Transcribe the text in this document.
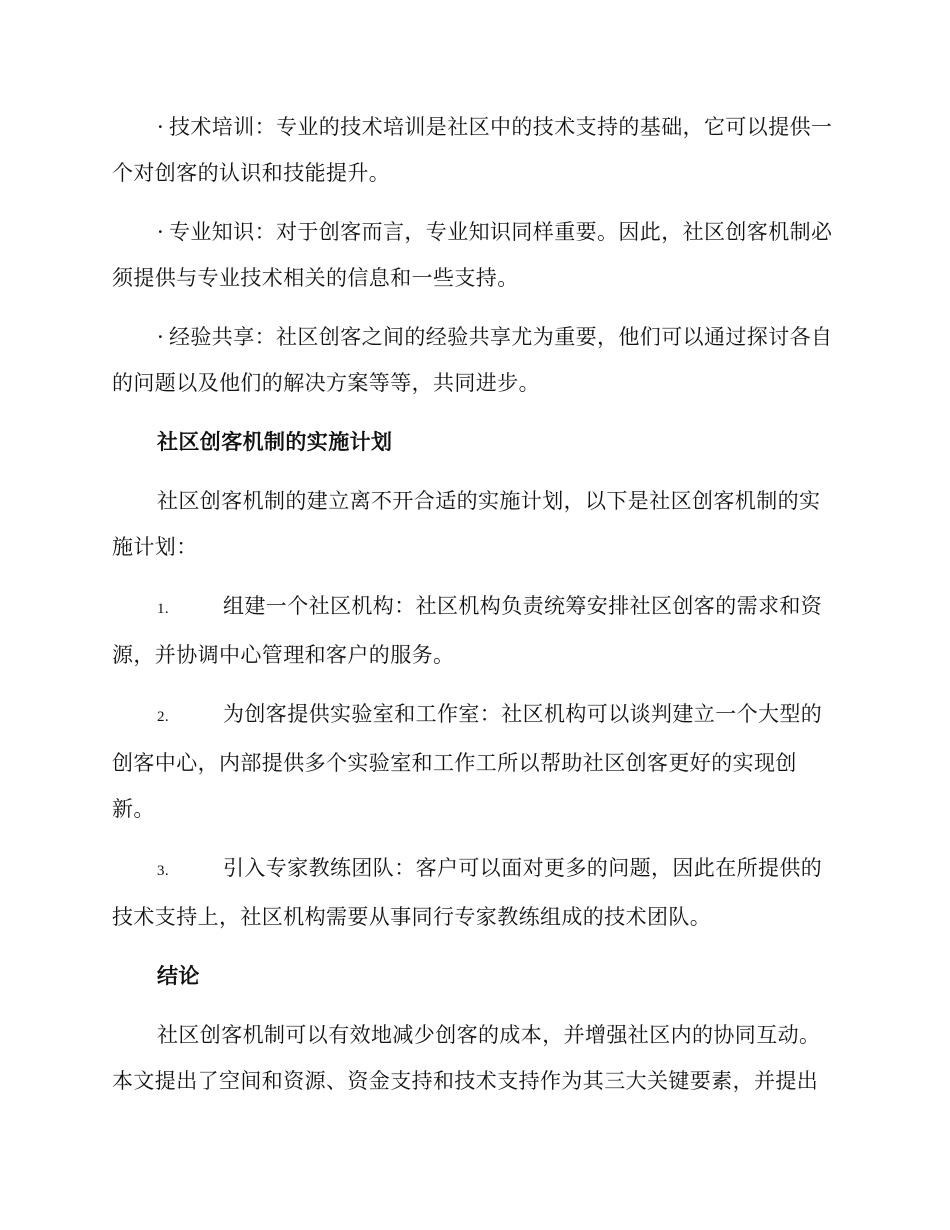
· 技术培训：专业的技术培训是社区中的技术支持的基础，它可以提供一个对创客的认识和技能提升。

· 专业知识：对于创客而言，专业知识同样重要。因此，社区创客机制必须提供与专业技术相关的信息和一些支持。

· 经验共享：社区创客之间的经验共享尤为重要，他们可以通过探讨各自的问题以及他们的解决方案等等，共同进步。

社区创客机制的实施计划

社区创客机制的建立离不开合适的实施计划，以下是社区创客机制的实施计划：

1.	组建一个社区机构：社区机构负责统筹安排社区创客的需求和资源，并协调中心管理和客户的服务。

2.	为创客提供实验室和工作室：社区机构可以谈判建立一个大型的创客中心，内部提供多个实验室和工作工所以帮助社区创客更好的实现创新。

3.	引入专家教练团队：客户可以面对更多的问题，因此在所提供的技术支持上，社区机构需要从事同行专家教练组成的技术团队。

结论

社区创客机制可以有效地减少创客的成本，并增强社区内的协同互动。本文提出了空间和资源、资金支持和技术支持作为其三大关键要素，并提出
